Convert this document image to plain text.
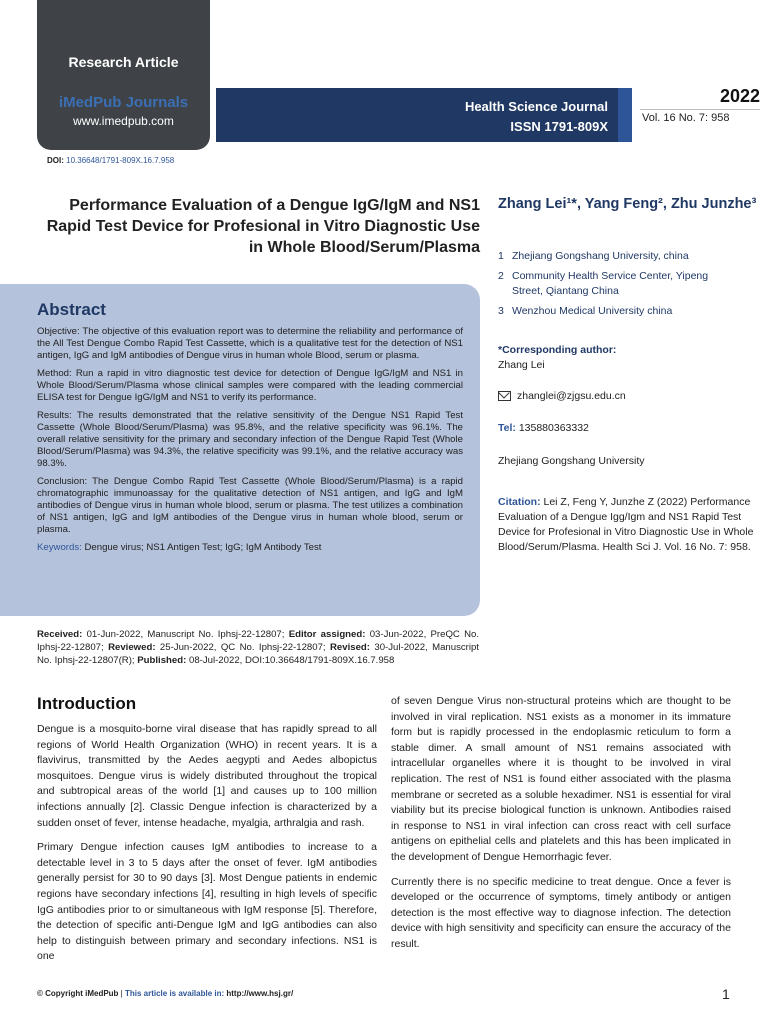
Research Article
iMedPub Journals
www.imedpub.com
Health Science Journal
ISSN 1791-809X
2022
Vol. 16 No. 7: 958
DOI: 10.36648/1791-809X.16.7.958
Performance Evaluation of a Dengue IgG/IgM and NS1 Rapid Test Device for Profesional in Vitro Diagnostic Use in Whole Blood/Serum/Plasma
Zhang Lei¹*, Yang Feng², Zhu Junzhe³
1 Zhejiang Gongshang University, china
2 Community Health Service Center, Yipeng
Street, Qiantang China
3 Wenzhou Medical University china
*Corresponding author:
Zhang Lei
zhanglei@zjgsu.edu.cn
Tel: 135880363332
Zhejiang Gongshang University
Citation: Lei Z, Feng Y, Junzhe Z (2022) Performance Evaluation of a Dengue Igg/Igm and NS1 Rapid Test Device for Profesional in Vitro Diagnostic Use in Whole Blood/Serum/Plasma. Health Sci J. Vol. 16 No. 7: 958.
Abstract

Objective: The objective of this evaluation report was to determine the reliability and performance of the All Test Dengue Combo Rapid Test Cassette, which is a qualitative test for the detection of NS1 antigen, IgG and IgM antibodies of Dengue virus in human whole Blood, serum or plasma.

Method: Run a rapid in vitro diagnostic test device for detection of Dengue IgG/IgM and NS1 in Whole Blood/Serum/Plasma whose clinical samples were compared with the leading commercial ELISA test for Dengue IgG/IgM and NS1 to verify its performance.

Results: The results demonstrated that the relative sensitivity of the Dengue NS1 Rapid Test Cassette (Whole Blood/Serum/Plasma) was 95.8%, and the relative specificity was 96.1%. The overall relative sensitivity for the primary and secondary infection of the Dengue Rapid Test (Whole Blood/Serum/Plasma) was 94.3%, the relative specificity was 99.1%, and the relative accuracy was 98.3%.

Conclusion: The Dengue Combo Rapid Test Cassette (Whole Blood/Serum/Plasma) is a rapid chromatographic immunoassay for the qualitative detection of NS1 antigen, and IgG and IgM antibodies of Dengue virus in human whole blood, serum or plasma. The test utilizes a combination of NS1 antigen, IgG and IgM antibodies of the Dengue virus in human whole blood, serum or plasma.

Keywords: Dengue virus; NS1 Antigen Test; IgG; IgM Antibody Test

Received: 01-Jun-2022, Manuscript No. Iphsj-22-12807; Editor assigned: 03-Jun-2022, PreQC No. Iphsj-22-12807; Reviewed: 25-Jun-2022, QC No. Iphsj-22-12807; Revised: 30-Jul-2022, Manuscript No. Iphsj-22-12807(R); Published: 08-Jul-2022, DOI:10.36648/1791-809X.16.7.958
Introduction

Dengue is a mosquito-borne viral disease that has rapidly spread to all regions of World Health Organization (WHO) in recent years. It is a flavivirus, transmitted by the Aedes aegypti and Aedes albopictus mosquitoes. Dengue virus is widely distributed throughout the tropical and subtropical areas of the world [1] and causes up to 100 million infections annually [2]. Classic Dengue infection is characterized by a sudden onset of fever, intense headache, myalgia, arthralgia and rash.

Primary Dengue infection causes IgM antibodies to increase to a detectable level in 3 to 5 days after the onset of fever. IgM antibodies generally persist for 30 to 90 days [3]. Most Dengue patients in endemic regions have secondary infections [4], resulting in high levels of specific IgG antibodies prior to or simultaneous with IgM response [5]. Therefore, the detection of specific anti-Dengue IgM and IgG antibodies can also help to distinguish between primary and secondary infections. NS1 is one

of seven Dengue Virus non-structural proteins which are thought to be involved in viral replication. NS1 exists as a monomer in its immature form but is rapidly processed in the endoplasmic reticulum to form a stable dimer. A small amount of NS1 remains associated with intracellular organelles where it is thought to be involved in viral replication. The rest of NS1 is found either associated with the plasma membrane or secreted as a soluble hexadimer. NS1 is essential for viral viability but its precise biological function is unknown. Antibodies raised in response to NS1 in viral infection can cross react with cell surface antigens on epithelial cells and platelets and this has been implicated in the development of Dengue Hemorrhagic fever.

Currently there is no specific medicine to treat dengue. Once a fever is developed or the occurrence of symptoms, timely antibody or antigen detection is the most effective way to diagnose infection. The detection device with high sensitivity and specificity can ensure the accuracy of the result.

© Copyright iMedPub | This article is available in: http://www.hsj.gr/	1
